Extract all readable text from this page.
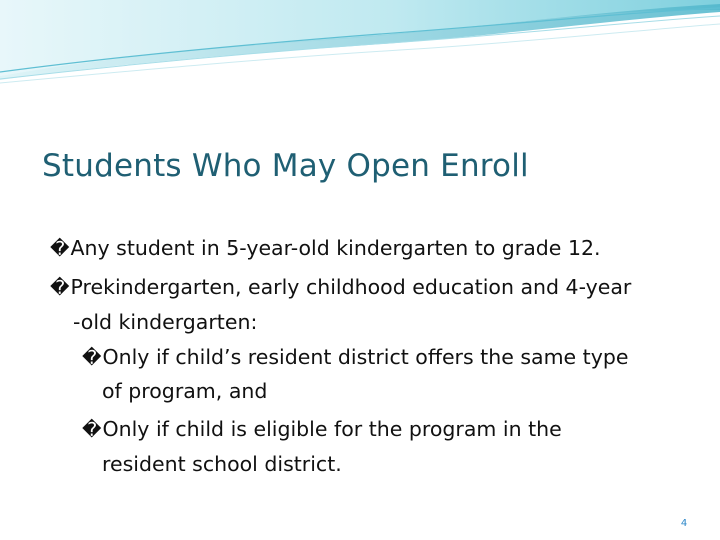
Students Who May Open Enroll
�Any student in 5-year-old kindergarten to grade 12.
�Prekindergarten, early childhood education and 4-year
-old kindergarten:
�Only if child’s resident district offers the same type
of program, and
�Only if child is eligible for the program in the
resident school district.
4
